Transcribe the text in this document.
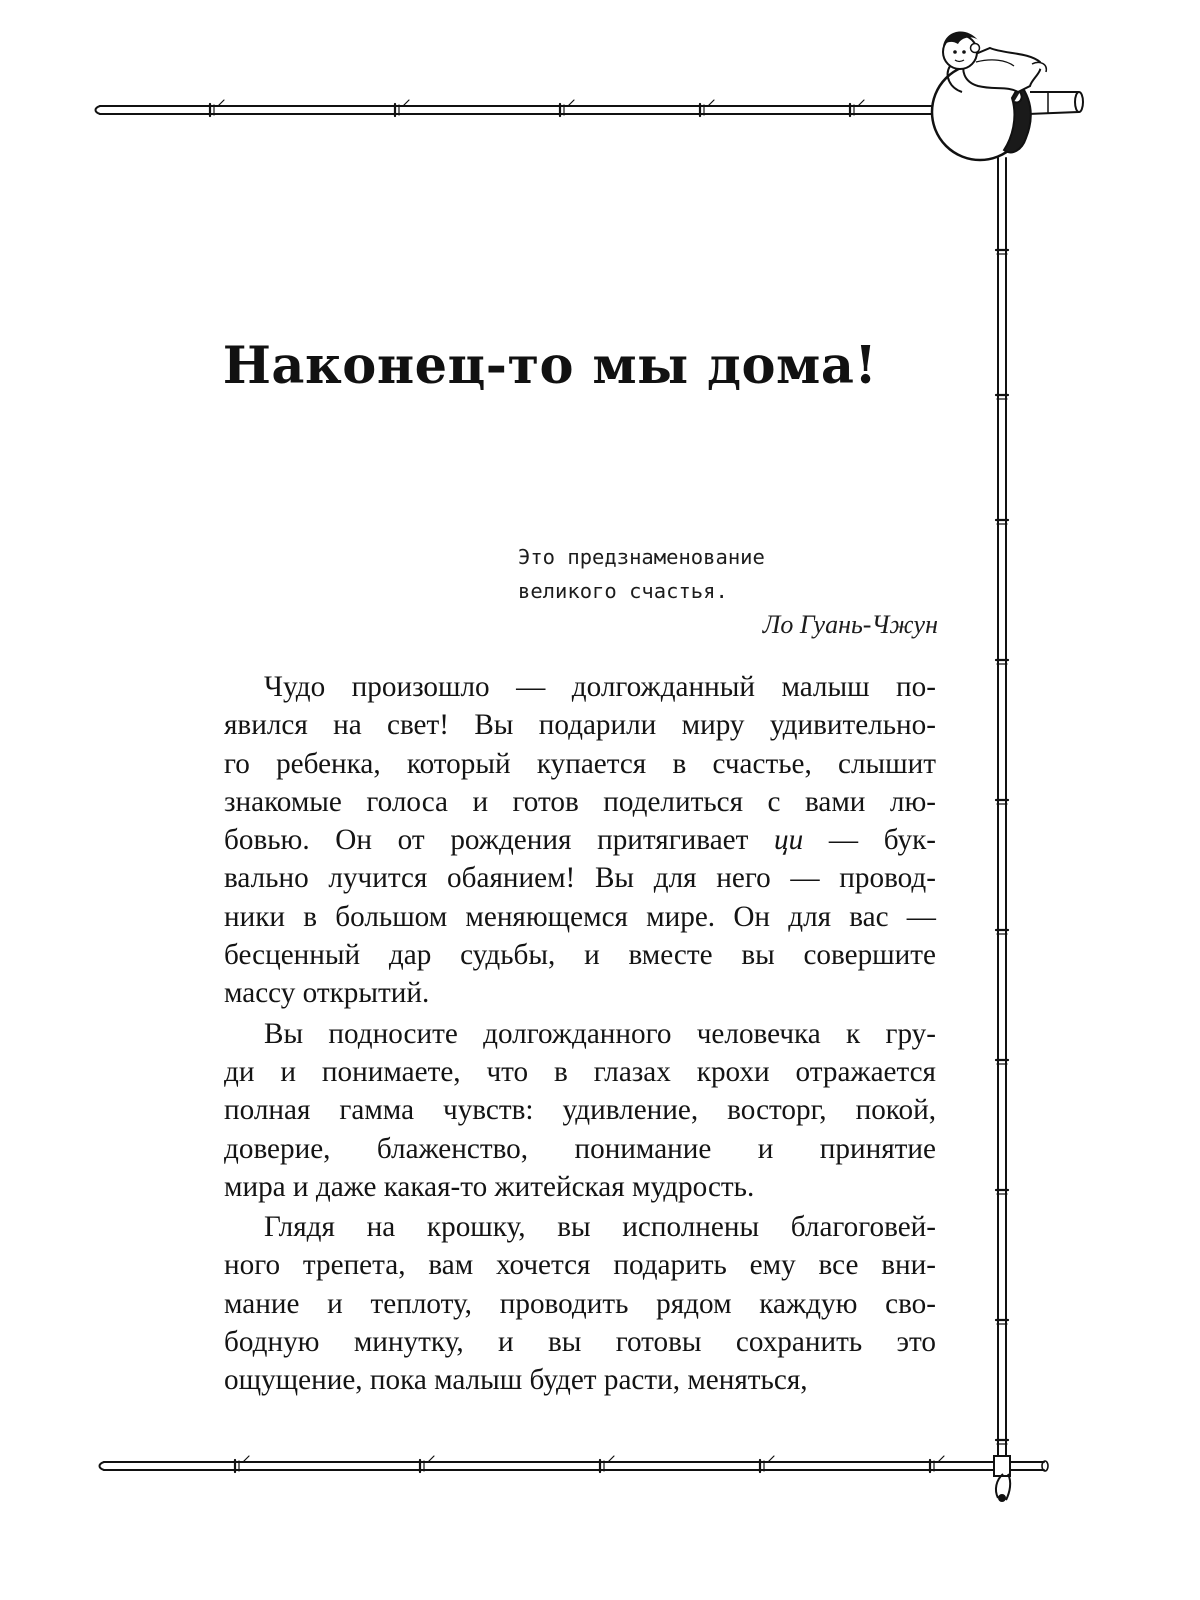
Наконец-то мы дома!
Это предзнаменование
великого счастья.
Ло Гуань-Чжун

Чудо произошло — долгожданный малыш по-
явился на свет! Вы подарили миру удивительно-
го ребенка, который купается в счастье, слышит
знакомые голоса и готов поделиться с вами лю-
бовью. Он от рождения притягивает ци — бук-
вально лучится обаянием! Вы для него — провод-
ники в большом меняющемся мире. Он для вас —
бесценный дар судьбы, и вместе вы совершите
массу открытий.

Вы подносите долгожданного человечка к гру-
ди и понимаете, что в глазах крохи отражается
полная гамма чувств: удивление, восторг, покой,
доверие, блаженство, понимание и принятие
мира и даже какая-то житейская мудрость.

Глядя на крошку, вы исполнены благоговей-
ного трепета, вам хочется подарить ему все вни-
мание и теплоту, проводить рядом каждую сво-
бодную минутку, и вы готовы сохранить это
ощущение, пока малыш будет расти, меняться,
